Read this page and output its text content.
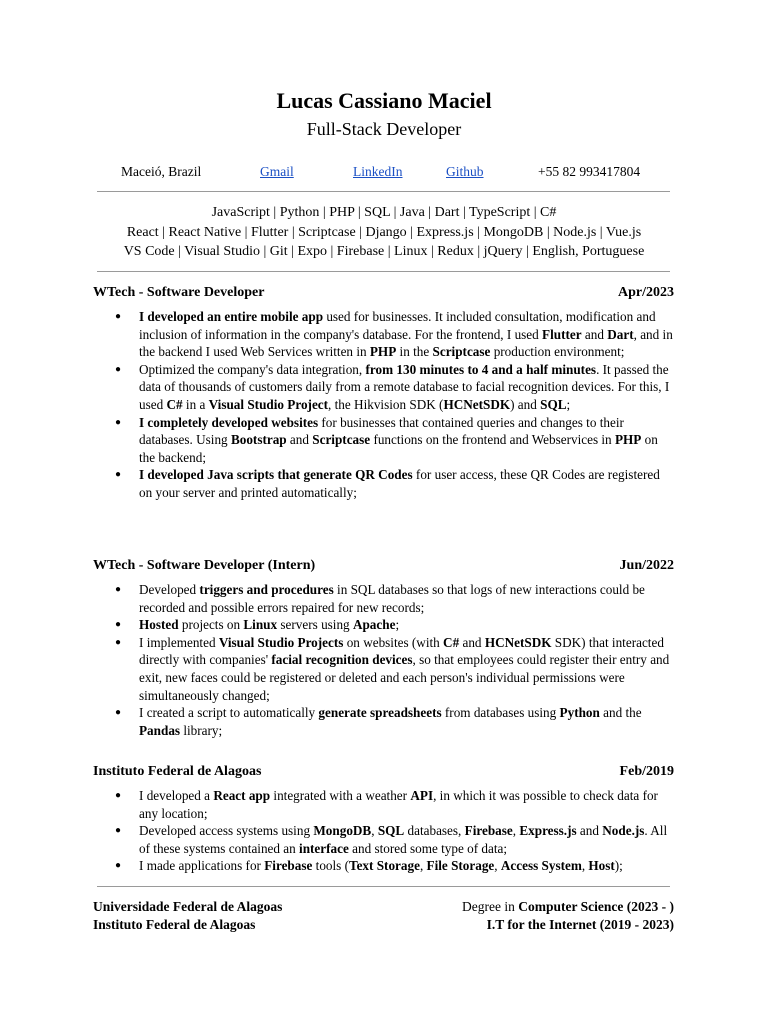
Lucas Cassiano Maciel
Full-Stack Developer
Maceió, Brazil	Gmail	LinkedIn	Github	+55 82 993417804
JavaScript | Python | PHP | SQL | Java | Dart | TypeScript | C#
React | React Native | Flutter | Scriptcase | Django | Express.js | MongoDB | Node.js | Vue.js
VS Code | Visual Studio | Git | Expo | Firebase | Linux | Redux | jQuery | English, Portuguese
WTech - Software Developer	Apr/2023
● I developed an entire mobile app used for businesses. It included consultation, modification and inclusion of information in the company's database. For the frontend, I used Flutter and Dart, and in the backend I used Web Services written in PHP in the Scriptcase production environment;
● Optimized the company's data integration, from 130 minutes to 4 and a half minutes. It passed the data of thousands of customers daily from a remote database to facial recognition devices. For this, I used C# in a Visual Studio Project, the Hikvision SDK (HCNetSDK) and SQL;
● I completely developed websites for businesses that contained queries and changes to their databases. Using Bootstrap and Scriptcase functions on the frontend and Webservices in PHP on the backend;
● I developed Java scripts that generate QR Codes for user access, these QR Codes are registered on your server and printed automatically;
WTech - Software Developer (Intern)	Jun/2022
● Developed triggers and procedures in SQL databases so that logs of new interactions could be recorded and possible errors repaired for new records;
● Hosted projects on Linux servers using Apache;
● I implemented Visual Studio Projects on websites (with C# and HCNetSDK SDK) that interacted directly with companies' facial recognition devices, so that employees could register their entry and exit, new faces could be registered or deleted and each person's individual permissions were simultaneously changed;
● I created a script to automatically generate spreadsheets from databases using Python and the Pandas library;
Instituto Federal de Alagoas	Feb/2019
● I developed a React app integrated with a weather API, in which it was possible to check data for any location;
● Developed access systems using MongoDB, SQL databases, Firebase, Express.js and Node.js. All of these systems contained an interface and stored some type of data;
● I made applications for Firebase tools (Text Storage, File Storage, Access System, Host);
Universidade Federal de Alagoas	Degree in Computer Science (2023 - )
Instituto Federal de Alagoas	I.T for the Internet (2019 - 2023)
